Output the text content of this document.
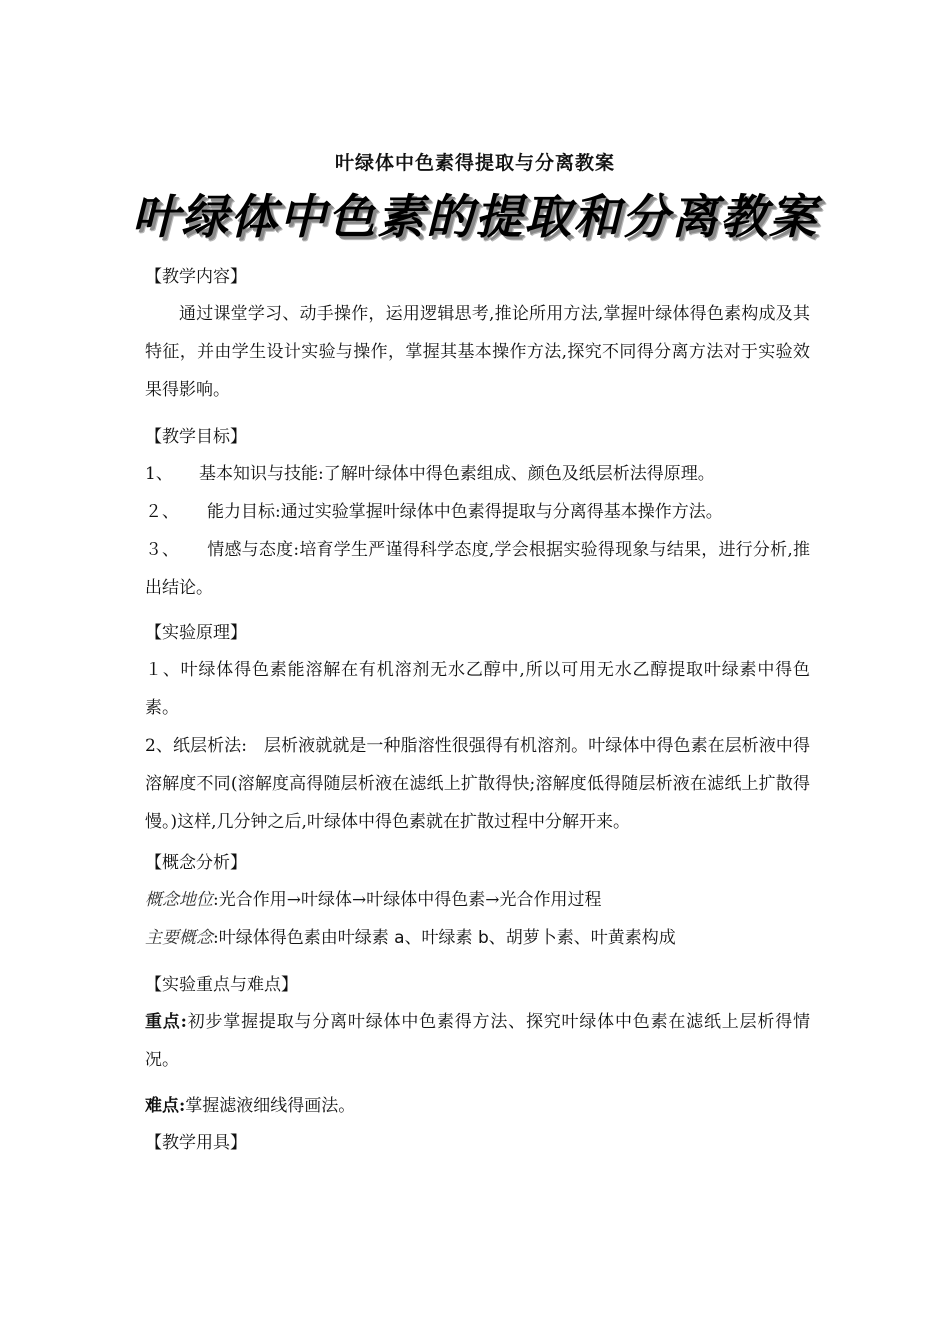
叶绿体中色素得提取与分离教案
叶绿体中色素的提取和分离教案
【教学内容】

通过课堂学习、动手操作，运用逻辑思考,推论所用方法,掌握叶绿体得色素构成及其特征，并由学生设计实验与操作，掌握其基本操作方法,探究不同得分离方法对于实验效果得影响。

【教学目标】

1、 基本知识与技能:了解叶绿体中得色素组成、颜色及纸层析法得原理。

２、 能力目标:通过实验掌握叶绿体中色素得提取与分离得基本操作方法。

３、 情感与态度:培育学生严谨得科学态度,学会根据实验得现象与结果，进行分析,推出结论。

【实验原理】

１、叶绿体得色素能溶解在有机溶剂无水乙醇中,所以可用无水乙醇提取叶绿素中得色素。

2、纸层析法:　层析液就就是一种脂溶性很强得有机溶剂。叶绿体中得色素在层析液中得溶解度不同(溶解度高得随层析液在滤纸上扩散得快;溶解度低得随层析液在滤纸上扩散得慢。)这样,几分钟之后,叶绿体中得色素就在扩散过程中分解开来。

【概念分析】

概念地位:光合作用→叶绿体→叶绿体中得色素→光合作用过程

主要概念:叶绿体得色素由叶绿素 a、叶绿素 b、胡萝卜素、叶黄素构成

【实验重点与难点】

重点:初步掌握提取与分离叶绿体中色素得方法、探究叶绿体中色素在滤纸上层析得情况。

难点:掌握滤液细线得画法。

【教学用具】
